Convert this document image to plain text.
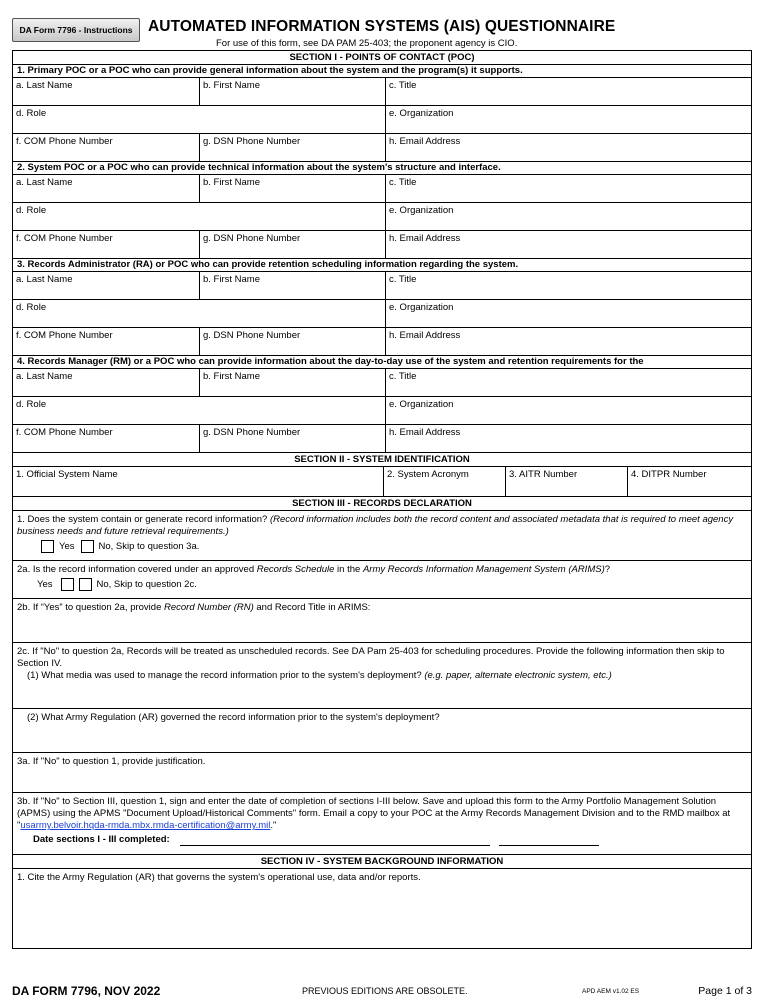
DA Form 7796 - Instructions AUTOMATED INFORMATION SYSTEMS (AIS) QUESTIONNAIRE
For use of this form, see DA PAM 25-403; the proponent agency is CIO.
SECTION I - POINTS OF CONTACT (POC)
1. Primary POC or a POC who can provide general information about the system and the program(s) it supports.
a. Last Name	b. First Name	c. Title
d. Role	e. Organization
f. COM Phone Number	g. DSN Phone Number	h. Email Address
2. System POC or a POC who can provide technical information about the system's structure and interface.
a. Last Name	b. First Name	c. Title
d. Role	e. Organization
f. COM Phone Number	g. DSN Phone Number	h. Email Address
3. Records Administrator (RA) or POC who can provide retention scheduling information regarding the system.
a. Last Name	b. First Name	c. Title
d. Role	e. Organization
f. COM Phone Number	g. DSN Phone Number	h. Email Address
4. Records Manager (RM) or a POC who can provide information about the day-to-day use of the system and retention requirements for the
a. Last Name	b. First Name	c. Title
d. Role	e. Organization
f. COM Phone Number	g. DSN Phone Number	h. Email Address
SECTION II - SYSTEM IDENTIFICATION
1. Official System Name	2. System Acronym	3. AITR Number	4. DITPR Number
SECTION III - RECORDS DECLARATION
1. Does the system contain or generate record information? (Record information includes both the record content and associated metadata that is required to meet agency business needs and future retrieval requirements.)
Yes	No, Skip to question 3a.
2a. Is the record information covered under an approved Records Schedule in the Army Records Information Management System (ARIMS)?
Yes	No, Skip to question 2c.
2b. If “Yes” to question 2a, provide Record Number (RN) and Record Title in ARIMS:
2c. If "No" to question 2a, Records will be treated as unscheduled records. See DA Pam 25-403 for scheduling procedures. Provide the following information then skip to Section IV.
(1) What media was used to manage the record information prior to the system's deployment? (e.g. paper, alternate electronic system, etc.)
(2) What Army Regulation (AR) governed the record information prior to the system's deployment?
3a. If "No" to question 1, provide justification.
3b. If "No" to Section III, question 1, sign and enter the date of completion of sections I-III below. Save and upload this form to the Army Portfolio Management Solution (APMS) using the APMS "Document Upload/Historical Comments" form. Email a copy to your POC at the Army Records Management Division and to the RMD mailbox at "usarmy.belvoir.hqda-rmda.mbx.rmda-certification@army.mil."
Date sections I - III completed:
SECTION IV - SYSTEM BACKGROUND INFORMATION
1. Cite the Army Regulation (AR) that governs the system's operational use, data and/or reports.
DA FORM 7796, NOV 2022	PREVIOUS EDITIONS ARE OBSOLETE.	APD AEM v1.02 ES	Page 1 of 3
